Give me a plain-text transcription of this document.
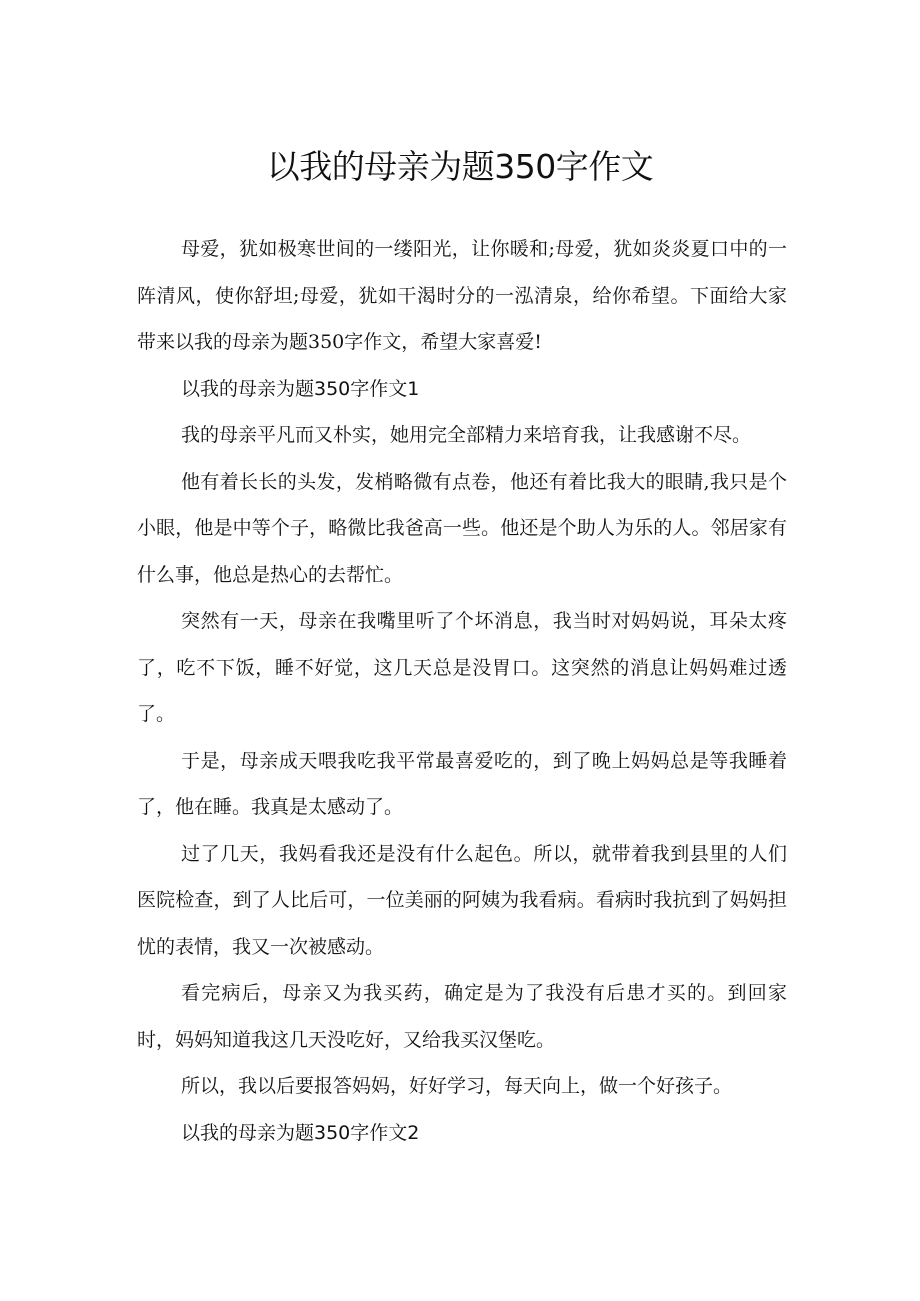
以我的母亲为题350字作文

母爱，犹如极寒世间的一缕阳光，让你暖和;母爱，犹如炎炎夏口中的一阵清风，使你舒坦;母爱，犹如干渴时分的一泓清泉，给你希望。下面给大家带来以我的母亲为题350字作文，希望大家喜爱!

以我的母亲为题350字作文1

我的母亲平凡而又朴实，她用完全部精力来培育我，让我感谢不尽。

他有着长长的头发，发梢略微有点卷，他还有着比我大的眼睛,我只是个小眼，他是中等个子，略微比我爸高一些。他还是个助人为乐的人。邻居家有什么事，他总是热心的去帮忙。

突然有一天，母亲在我嘴里听了个坏消息，我当时对妈妈说，耳朵太疼了，吃不下饭，睡不好觉，这几天总是没胃口。这突然的消息让妈妈难过透了。

于是，母亲成天喂我吃我平常最喜爱吃的，到了晚上妈妈总是等我睡着了，他在睡。我真是太感动了。

过了几天，我妈看我还是没有什么起色。所以，就带着我到县里的人们医院检查，到了人比后可，一位美丽的阿姨为我看病。看病时我抗到了妈妈担忧的表情，我又一次被感动。

看完病后，母亲又为我买药，确定是为了我没有后患才买的。到回家时，妈妈知道我这几天没吃好，又给我买汉堡吃。

所以，我以后要报答妈妈，好好学习，每天向上，做一个好孩子。

以我的母亲为题350字作文2
